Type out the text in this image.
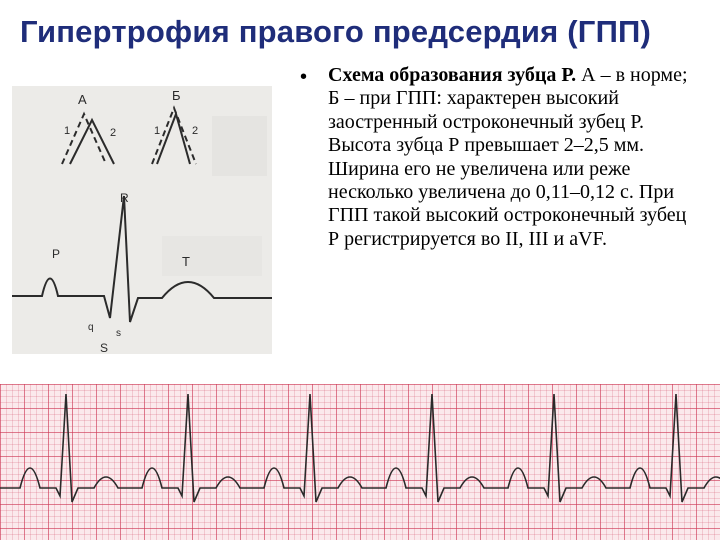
Гипертрофия правого предсердия (ГПП)
А	Б
1	2	1	2
P
R
T
q
s
S
• Схема образования зубца Р. А – в норме; Б – при ГПП: характерен высокий заостренный остроконечный зубец Р. Высота зубца Р превышает 2–2,5 мм. Ширина его не увеличена или реже несколько увеличена до 0,11–0,12 с. При ГПП такой высокий остроконечный зубец Р регистрируется во II, III и aVF.
